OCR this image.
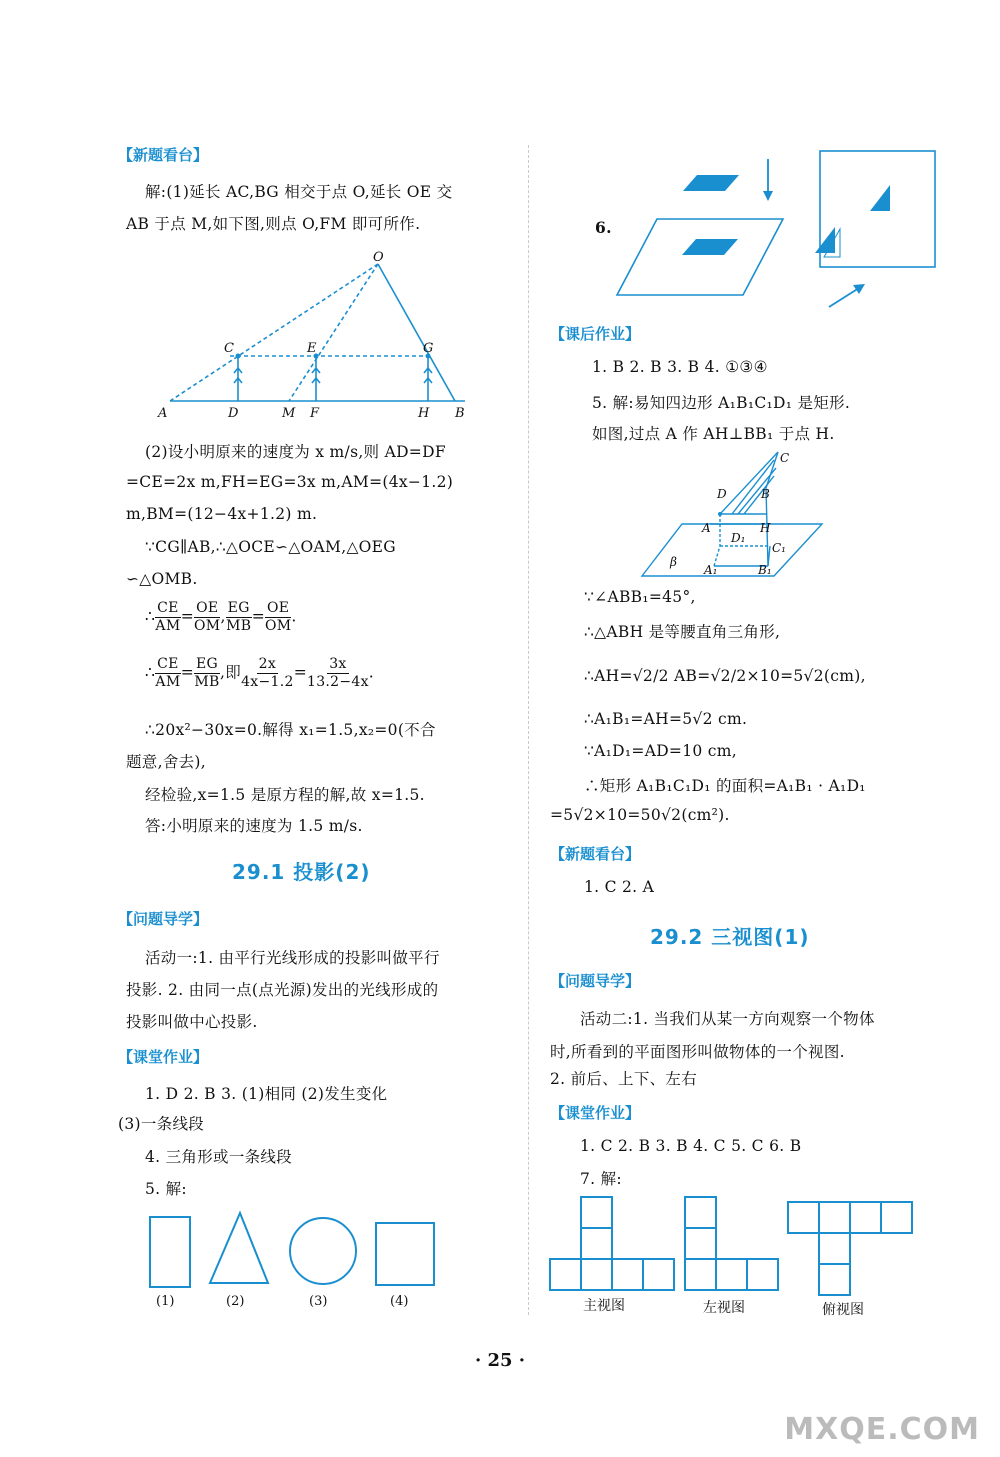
【新题看台】
解:(1)延长 AC,BG 相交于点 O,延长 OE 交
AB 于点 M,如下图,则点 O,FM 即可所作.
O
C	E	G
A	D	M F	H B
(2)设小明原来的速度为 x m/s,则 AD=DF
=CE=2x m,FH=EG=3x m,AM=(4x−1.2)
m,BM=(12−4x+1.2) m.
∵CG∥AB,∴△OCE∽△OAM,△OEG
∽△OMB.
∴ $\frac{CE}{AM} = \frac{OE}{OM}$ , $\frac{EG}{MB} = \frac{OE}{OM}$ .
∴ $\frac{CE}{AM} = \frac{EG}{MB}$ ,即 $\frac{2x}{4x-1.2} = \frac{3x}{13.2-4x}$ .
∴20x²−30x=0.解得 x₁=1.5,x₂=0(不合
题意,舍去),
经检验,x=1.5 是原方程的解,故 x=1.5.
答:小明原来的速度为 1.5 m/s.
29.1 投影(2)
【问题导学】
活动一:1. 由平行光线形成的投影叫做平行
投影. 2. 由同一点(点光源)发出的光线形成的
投影叫做中心投影.
【课堂作业】
1. D 2. B 3. (1)相同 (2)发生变化
(3)一条线段
4. 三角形或一条线段
5. 解:
(1)	(2)	(3)	(4)
6.
【课后作业】
1. B 2. B 3. B 4. ①③④
5. 解:易知四边形 A₁B₁C₁D₁ 是矩形.
如图,过点 A 作 AH⊥BB₁ 于点 H.
C
D	B
A	H
D₁
C₁
β
A₁	B₁
∵∠ABB₁=45°,
∴△ABH 是等腰直角三角形,
∴AH=√2/2 AB=√2/2×10=5√2(cm),
∴A₁B₁=AH=5√2 cm.
∵A₁D₁=AD=10 cm,
∴矩形 A₁B₁C₁D₁ 的面积=A₁B₁ · A₁D₁
=5√2×10=50√2(cm²).
【新题看台】
1. C 2. A
29.2 三视图(1)
【问题导学】
活动二:1. 当我们从某一方向观察一个物体
时,所看到的平面图形叫做物体的一个视图.
2. 前后、上下、左右
【课堂作业】
1. C 2. B 3. B 4. C 5. C 6. B
7. 解:
主视图	左视图	俯视图
· 25 ·
MXQE.COM
